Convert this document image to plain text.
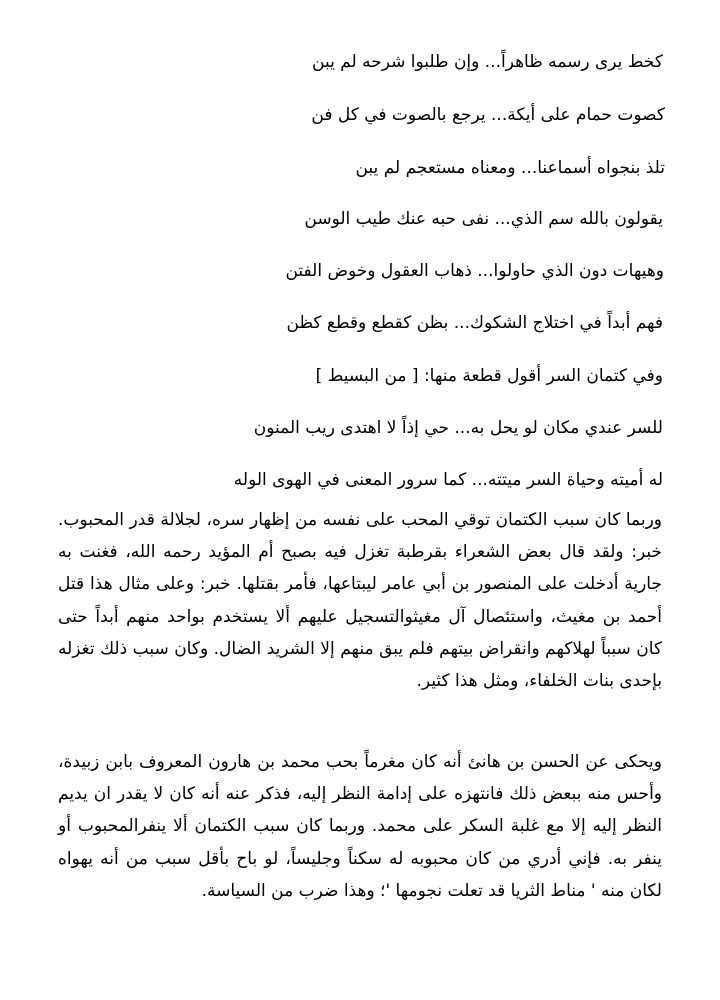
كخط يرى رسمه ظاهراً... وإن طلبوا شرحه لم يبن
كصوت حمام على أيكة... يرجع بالصوت في كل فن
تلذ بنجواه أسماعنا... ومعناه مستعجم لم يبن
يقولون بالله سم الذي... نفى حبه عنك طيب الوسن
وهيهات دون الذي حاولوا... ذهاب العقول وخوض الفتن
فهم أبداً في اختلاج الشكوك... بظن كقطع وقطع كظن
وفي كتمان السر أقول قطعة منها: [ من البسيط ]
للسر عندي مكان لو يحل به... حي إذاً لا اهتدى ريب المنون
له أميته وحياة السر ميتته... كما سرور المعنى في الهوى الوله

وربما كان سبب الكتمان توقي المحب على نفسه من إظهار سره، لجلالة قدر المحبوب. خبر: ولقد قال بعض الشعراء بقرطبة تغزل فيه بصبح أم المؤيد رحمه الله، فغنت به جارية أدخلت على المنصور بن أبي عامر ليبتاعها، فأمر بقتلها. خبر: وعلى مثال هذا قتل أحمد بن مغيث، واستئصال آل مغيثوالتسجيل عليهم ألا يستخدم بواحد منهم أبداً حتى كان سبباً لهلاكهم وانقراض بيتهم فلم يبق منهم إلا الشريد الضال. وكان سبب ذلك تغزله بإحدى بنات الخلفاء، ومثل هذا كثير.

ويحكى عن الحسن بن هانئ أنه كان مغرماً بحب محمد بن هارون المعروف بابن زبيدة، وأحس منه ببعض ذلك فانتهزه على إدامة النظر إليه، فذكر عنه أنه كان لا يقدر ان يديم النظر إليه إلا مع غلبة السكر على محمد. وربما كان سبب الكتمان ألا ينفرالمحبوب أو ينفر به. فإني أدري من كان محبوبه له سكناً وجليساً، لو باح بأقل سبب من أنه يهواه لكان منه ' مناط الثريا قد تعلت نجومها '؛ وهذا ضرب من السياسة.
